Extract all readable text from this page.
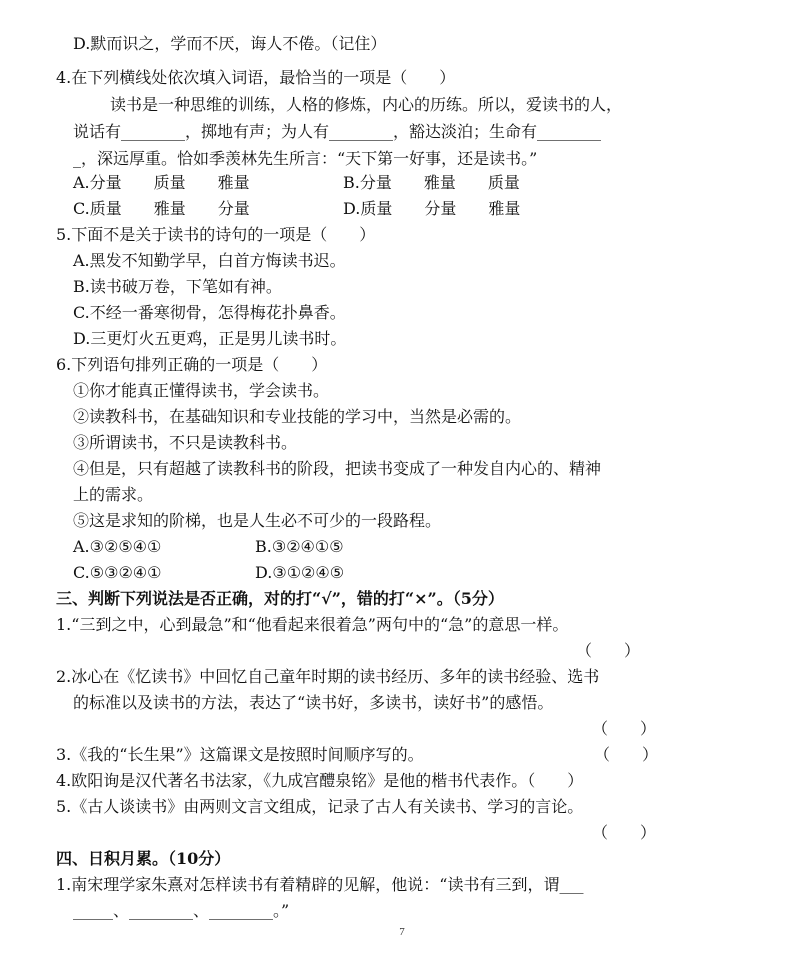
D.默而识之，学而不厌，诲人不倦。（记住）
4.在下列横线处依次填入词语，最恰当的一项是（　　）
读书是一种思维的训练，人格的修炼，内心的历练。所以，爱读书的人，
说话有________，掷地有声；为人有________，豁达淡泊；生命有________
_，深远厚重。恰如季羡林先生所言：“天下第一好事，还是读书。”
A.分量　　质量　　雅量	B.分量　　雅量　　质量
C.质量　　雅量　　分量	D.质量　　分量　　雅量
5.下面不是关于读书的诗句的一项是（　　）
A.黑发不知勤学早，白首方悔读书迟。
B.读书破万卷，下笔如有神。
C.不经一番寒彻骨，怎得梅花扑鼻香。
D.三更灯火五更鸡，正是男儿读书时。
6.下列语句排列正确的一项是（　　）
①你才能真正懂得读书，学会读书。
②读教科书，在基础知识和专业技能的学习中，当然是必需的。
③所谓读书，不只是读教科书。
④但是，只有超越了读教科书的阶段，把读书变成了一种发自内心的、精神
上的需求。
⑤这是求知的阶梯，也是人生必不可少的一段路程。
A.③②⑤④①	B.③②④①⑤
C.⑤③②④①	D.③①②④⑤
三、判断下列说法是否正确，对的打“√”，错的打“×”。（5分）
1.“三到之中，心到最急”和“他看起来很着急”两句中的“急”的意思一样。
（　　）
2.冰心在《忆读书》中回忆自己童年时期的读书经历、多年的读书经验、选书
的标准以及读书的方法，表达了“读书好，多读书，读好书”的感悟。
（　　）
3.《我的“长生果”》这篇课文是按照时间顺序写的。	（　　）
4.欧阳询是汉代著名书法家，《九成宫醴泉铭》是他的楷书代表作。（　　）
5.《古人谈读书》由两则文言文组成，记录了古人有关读书、学习的言论。
（　　）
四、日积月累。（10分）
1.南宋理学家朱熹对怎样读书有着精辟的见解，他说：“读书有三到，谓___
_____、________、________。”
7
